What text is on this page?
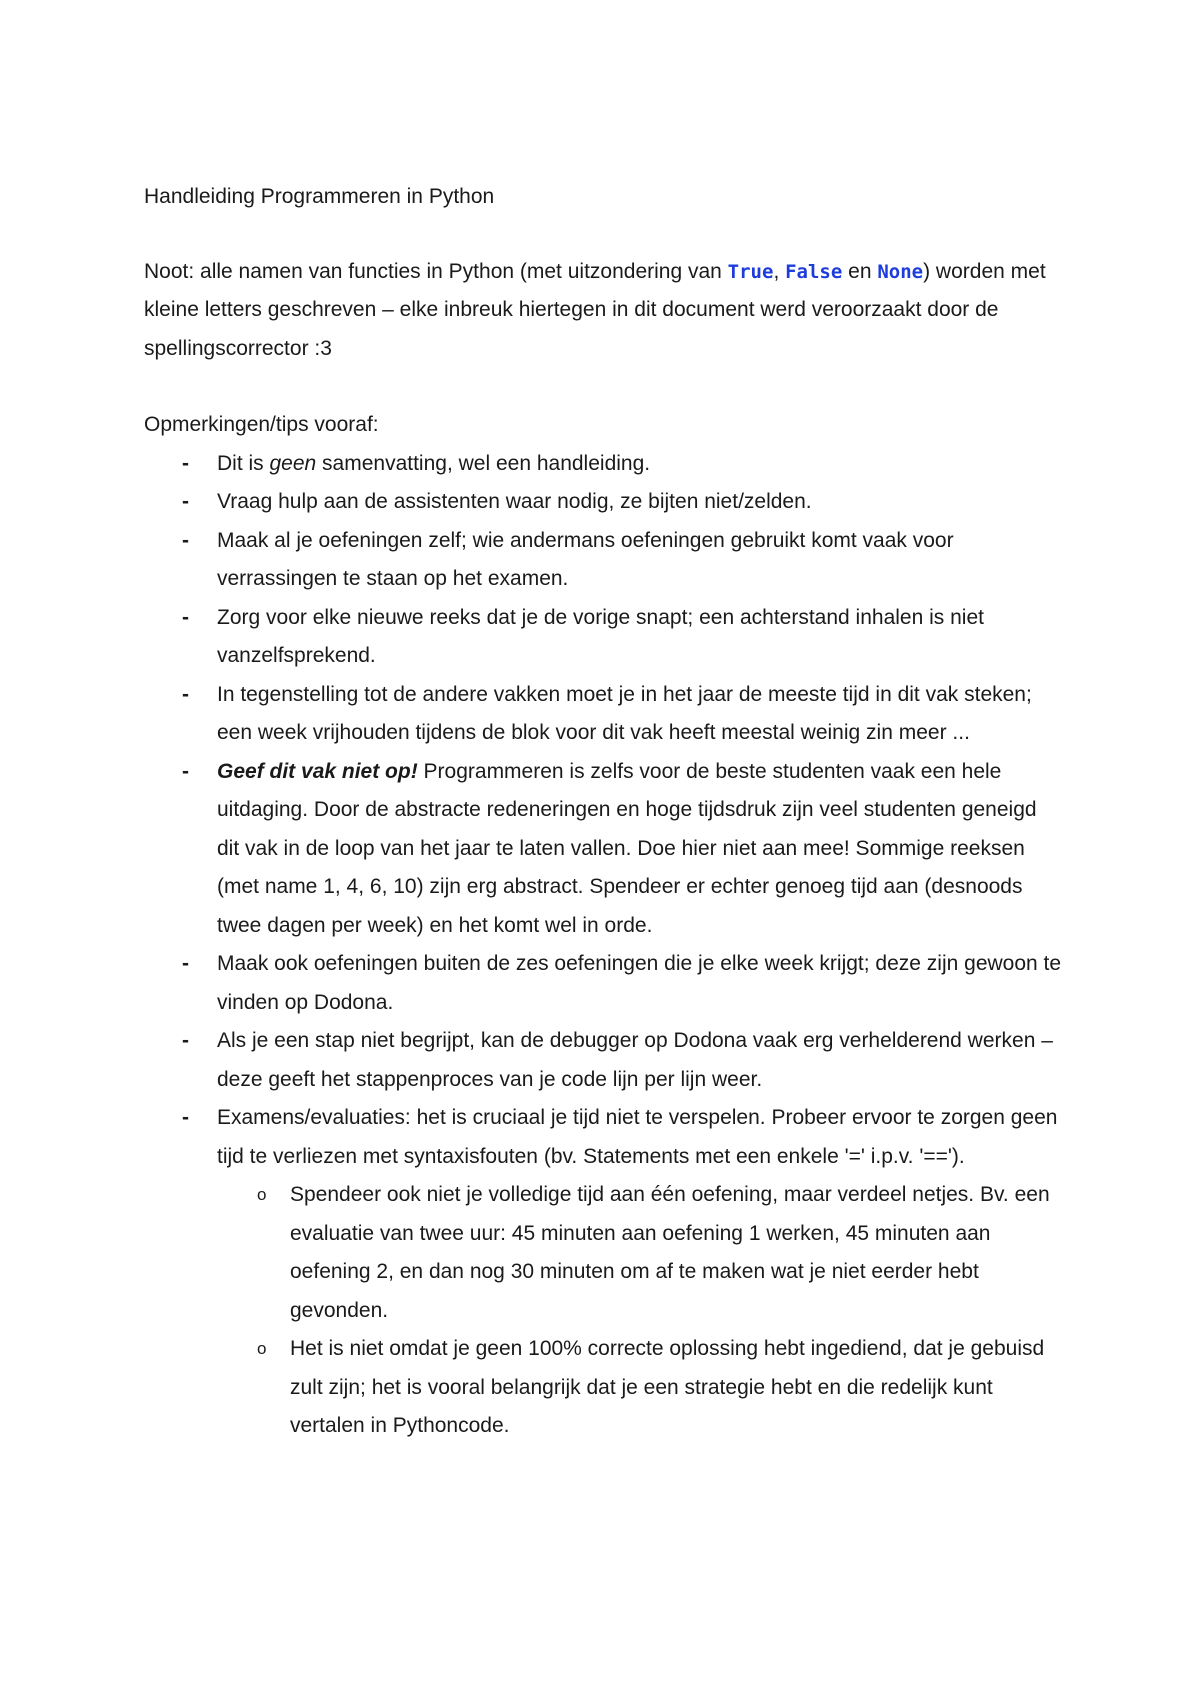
Handleiding Programmeren in Python

Noot: alle namen van functies in Python (met uitzondering van True, False en None) worden met kleine letters geschreven – elke inbreuk hiertegen in dit document werd veroorzaakt door de spellingscorrector :3

Opmerkingen/tips vooraf:

- Dit is geen samenvatting, wel een handleiding.
- Vraag hulp aan de assistenten waar nodig, ze bijten niet/zelden.
- Maak al je oefeningen zelf; wie andermans oefeningen gebruikt komt vaak voor verrassingen te staan op het examen.
- Zorg voor elke nieuwe reeks dat je de vorige snapt; een achterstand inhalen is niet vanzelfsprekend.
- In tegenstelling tot de andere vakken moet je in het jaar de meeste tijd in dit vak steken; een week vrijhouden tijdens de blok voor dit vak heeft meestal weinig zin meer ...
- Geef dit vak niet op! Programmeren is zelfs voor de beste studenten vaak een hele uitdaging. Door de abstracte redeneringen en hoge tijdsdruk zijn veel studenten geneigd dit vak in de loop van het jaar te laten vallen. Doe hier niet aan mee! Sommige reeksen (met name 1, 4, 6, 10) zijn erg abstract. Spendeer er echter genoeg tijd aan (desnoods twee dagen per week) en het komt wel in orde.
- Maak ook oefeningen buiten de zes oefeningen die je elke week krijgt; deze zijn gewoon te vinden op Dodona.
- Als je een stap niet begrijpt, kan de debugger op Dodona vaak erg verhelderend werken – deze geeft het stappenproces van je code lijn per lijn weer.
- Examens/evaluaties: het is cruciaal je tijd niet te verspelen. Probeer ervoor te zorgen geen tijd te verliezen met syntaxisfouten (bv. Statements met een enkele '=' i.p.v. '==').
o Spendeer ook niet je volledige tijd aan één oefening, maar verdeel netjes. Bv. een evaluatie van twee uur: 45 minuten aan oefening 1 werken, 45 minuten aan oefening 2, en dan nog 30 minuten om af te maken wat je niet eerder hebt gevonden.
o Het is niet omdat je geen 100% correcte oplossing hebt ingediend, dat je gebuisd zult zijn; het is vooral belangrijk dat je een strategie hebt en die redelijk kunt vertalen in Pythoncode.
